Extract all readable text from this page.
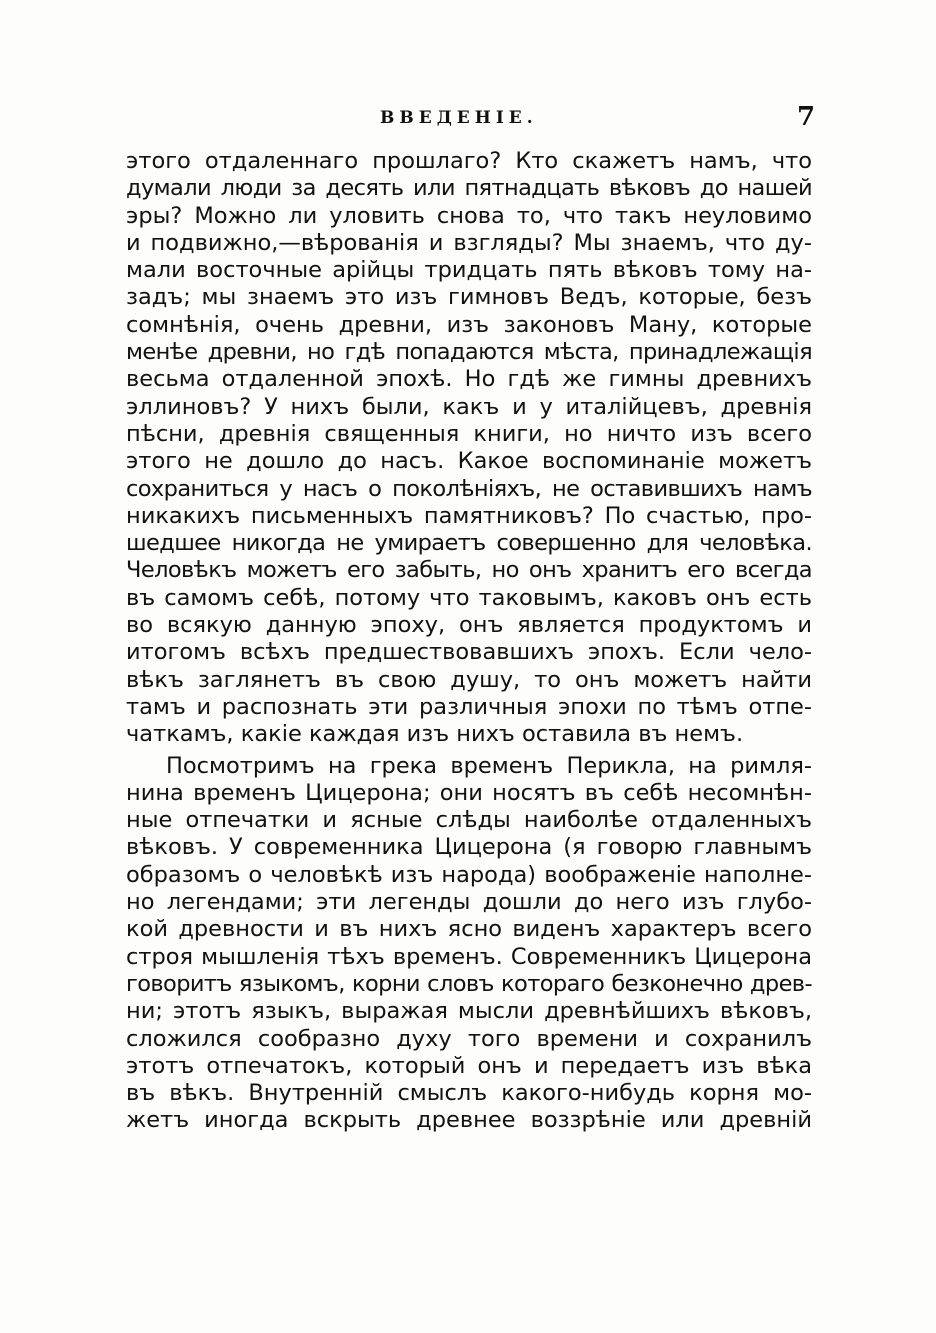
ВВЕДЕНIЕ.	7
этого отдаленнаго прошлаго? Кто скажетъ намъ, что
думали люди за десять или пятнадцать вѣковъ до нашей
эры? Можно ли уловить снова то, что такъ неуловимо
и подвижно,—вѣрованiя и взгляды? Мы знаемъ, что ду-
мали восточные арiйцы тридцать пять вѣковъ тому на-
задъ; мы знаемъ это изъ гимновъ Ведъ, которые, безъ
сомнѣнiя, очень древни, изъ законовъ Ману, которые
менѣе древни, но гдѣ попадаются мѣста, принадлежащiя
весьма отдаленной эпохѣ. Но гдѣ же гимны древнихъ
эллиновъ? У нихъ были, какъ и у италiйцевъ, древнiя
пѣсни, древнiя священныя книги, но ничто изъ всего
этого не дошло до насъ. Какое воспоминанiе можетъ
сохраниться у насъ о поколѣнiяхъ, не оставившихъ намъ
никакихъ письменныхъ памятниковъ? По счастью, про-
шедшее никогда не умираетъ совершенно для человѣка.
Человѣкъ можетъ его забыть, но онъ хранитъ его всегда
въ самомъ себѣ, потому что таковымъ, каковъ онъ есть
во всякую данную эпоху, онъ является продуктомъ и
итогомъ всѣхъ предшествовавшихъ эпохъ. Если чело-
вѣкъ заглянетъ въ свою душу, то онъ можетъ найти
тамъ и распознать эти различныя эпохи по тѣмъ отпе-
чаткамъ, какiе каждая изъ нихъ оставила въ немъ.
Посмотримъ на грека временъ Перикла, на римля-
нина временъ Цицерона; они носятъ въ себѣ несомнѣн-
ные отпечатки и ясные слѣды наиболѣе отдаленныхъ
вѣковъ. У современника Цицерона (я говорю главнымъ
образомъ о человѣкѣ изъ народа) воображенiе наполне-
но легендами; эти легенды дошли до него изъ глубо-
кой древности и въ нихъ ясно виденъ характеръ всего
строя мышленiя тѣхъ временъ. Современникъ Цицерона
говоритъ языкомъ, корни словъ котораго безконечно древ-
ни; этотъ языкъ, выражая мысли древнѣйшихъ вѣковъ,
сложился сообразно духу того времени и сохранилъ
этотъ отпечатокъ, который онъ и передаетъ изъ вѣка
въ вѣкъ. Внутреннiй смыслъ какого-нибудь корня мо-
жетъ иногда вскрыть древнее воззрѣнiе или древнiй
